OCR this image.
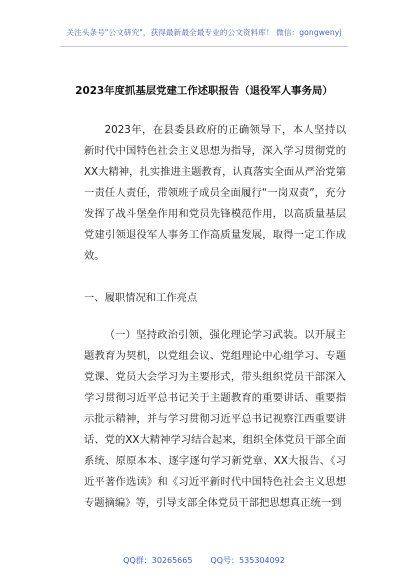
关注头条号"公文研究"，获得最新最全最专业的公文资料库！ 微信：gongwenyj
2023年度抓基层党建工作述职报告（退役军人事务局）

2023年，在县委县政府的正确领导下，本人坚持以新时代中国特色社会主义思想为指导，深入学习贯彻党的XX大精神，扎实推进主题教育，认真落实全面从严治党第一责任人责任，带领班子成员全面履行“一岗双责”，充分发挥了战斗堡垒作用和党员先锋模范作用，以高质量基层党建引领退役军人事务工作高质量发展，取得一定工作成效。

一、履职情况和工作亮点

（一）坚持政治引领，强化理论学习武装。以开展主题教育为契机，以党组会议、党组理论中心组学习、专题党课、党员大会学习为主要形式，带头组织党员干部深入学习贯彻习近平总书记关于主题教育的重要讲话、重要指示批示精神，并与学习贯彻习近平总书记视察江西重要讲话、党的XX大精神学习结合起来，组织全体党员干部全面系统、原原本本、逐字逐句学习新党章、XX大报告、《习近平著作选读》和《习近平新时代中国特色社会主义思想专题摘编》等，引导支部全体党员干部把思想真正统一到

QQ群：30265665 QQ号：535304092
